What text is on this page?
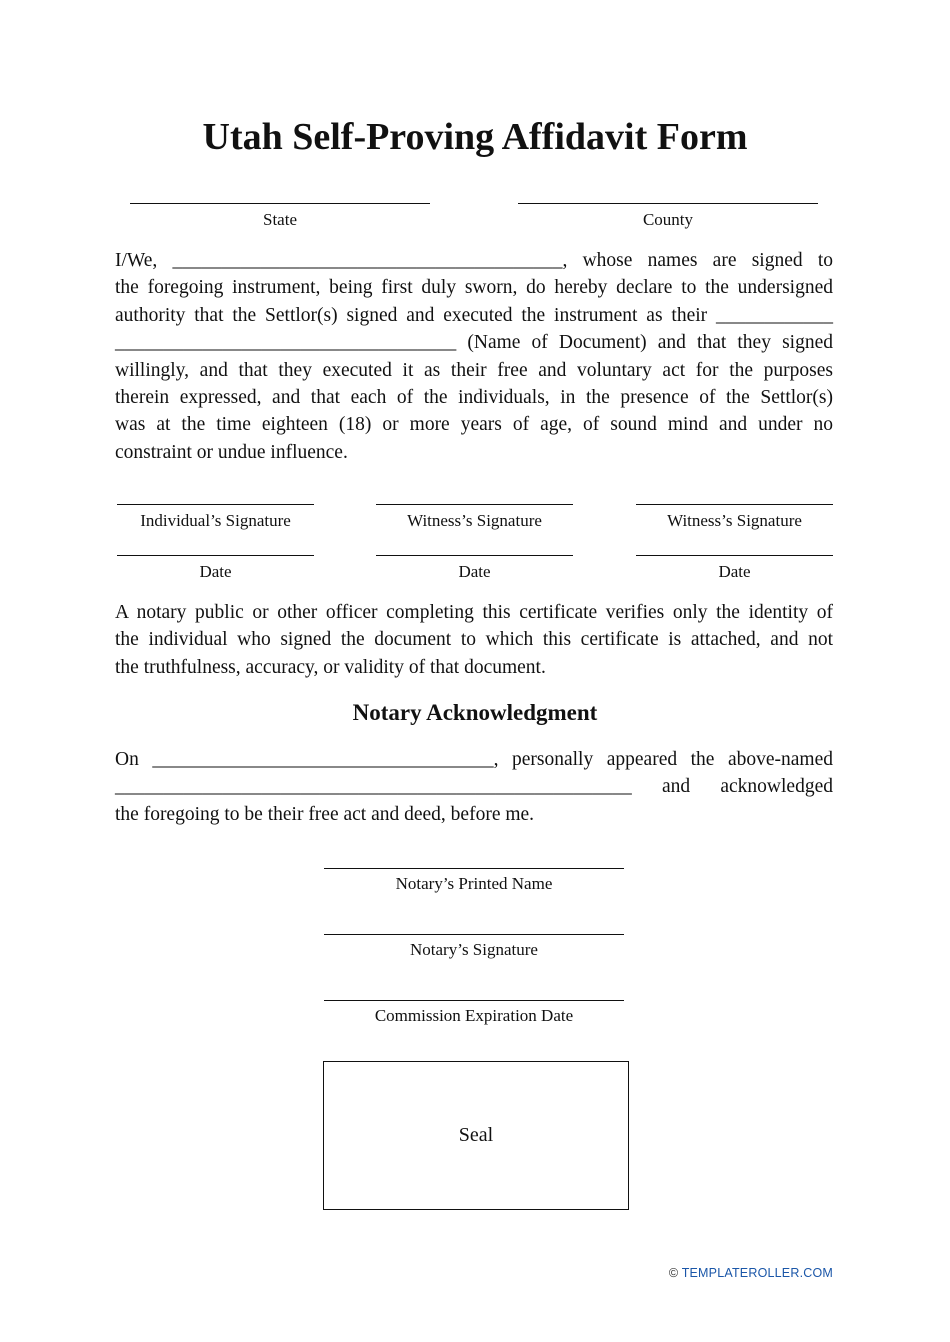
Utah Self-Proving Affidavit Form
State	County
I/We, ________________________________________, whose names are signed to
the foregoing instrument, being first duly sworn, do hereby declare to the undersigned
authority that the Settlor(s) signed and executed the instrument as their ____________
___________________________________ (Name of Document) and that they signed
willingly, and that they executed it as their free and voluntary act for the purposes
therein expressed, and that each of the individuals, in the presence of the Settlor(s)
was at the time eighteen (18) or more years of age, of sound mind and under no
constraint or undue influence.
Individual’s Signature	Witness’s Signature	Witness’s Signature
Date	Date	Date
A notary public or other officer completing this certificate verifies only the identity of
the individual who signed the document to which this certificate is attached, and not
the truthfulness, accuracy, or validity of that document.
Notary Acknowledgment
On ___________________________________, personally appeared the above-named
_____________________________________________________ and acknowledged
the foregoing to be their free act and deed, before me.
Notary’s Printed Name
Notary’s Signature
Commission Expiration Date
Seal
© TEMPLATEROLLER.COM
